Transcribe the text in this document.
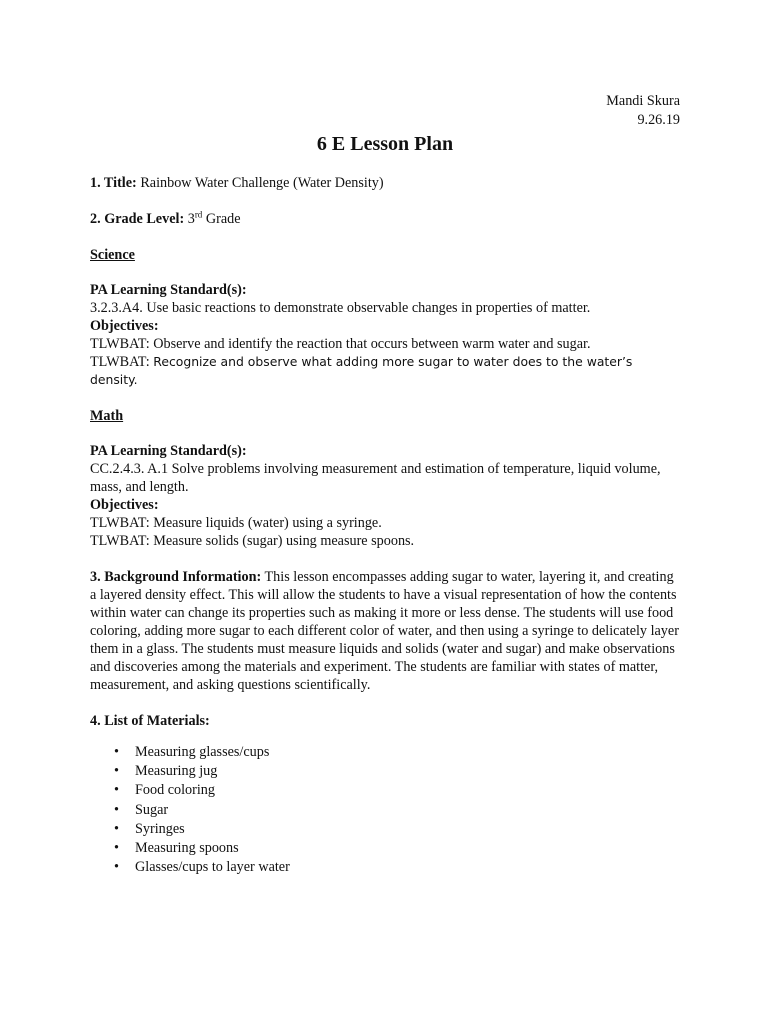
Mandi Skura
9.26.19
6 E Lesson Plan

1. Title: Rainbow Water Challenge (Water Density)

2. Grade Level: 3rd Grade

Science
PA Learning Standard(s):
3.2.3.A4. Use basic reactions to demonstrate observable changes in properties of matter.
Objectives:
TLWBAT: Observe and identify the reaction that occurs between warm water and sugar.
TLWBAT: Recognize and observe what adding more sugar to water does to the water’s density.
Math
PA Learning Standard(s):
CC.2.4.3. A.1 Solve problems involving measurement and estimation of temperature, liquid volume, mass, and length.
Objectives:
TLWBAT: Measure liquids (water) using a syringe.
TLWBAT: Measure solids (sugar) using measure spoons.

3. Background Information: This lesson encompasses adding sugar to water, layering it, and creating a layered density effect. This will allow the students to have a visual representation of how the contents within water can change its properties such as making it more or less dense. The students will use food coloring, adding more sugar to each different color of water, and then using a syringe to delicately layer them in a glass. The students must measure liquids and solids (water and sugar) and make observations and discoveries among the materials and experiment. The students are familiar with states of matter, measurement, and asking questions scientifically.

4. List of Materials:
• Measuring glasses/cups
• Measuring jug
• Food coloring
• Sugar
• Syringes
• Measuring spoons
• Glasses/cups to layer water
